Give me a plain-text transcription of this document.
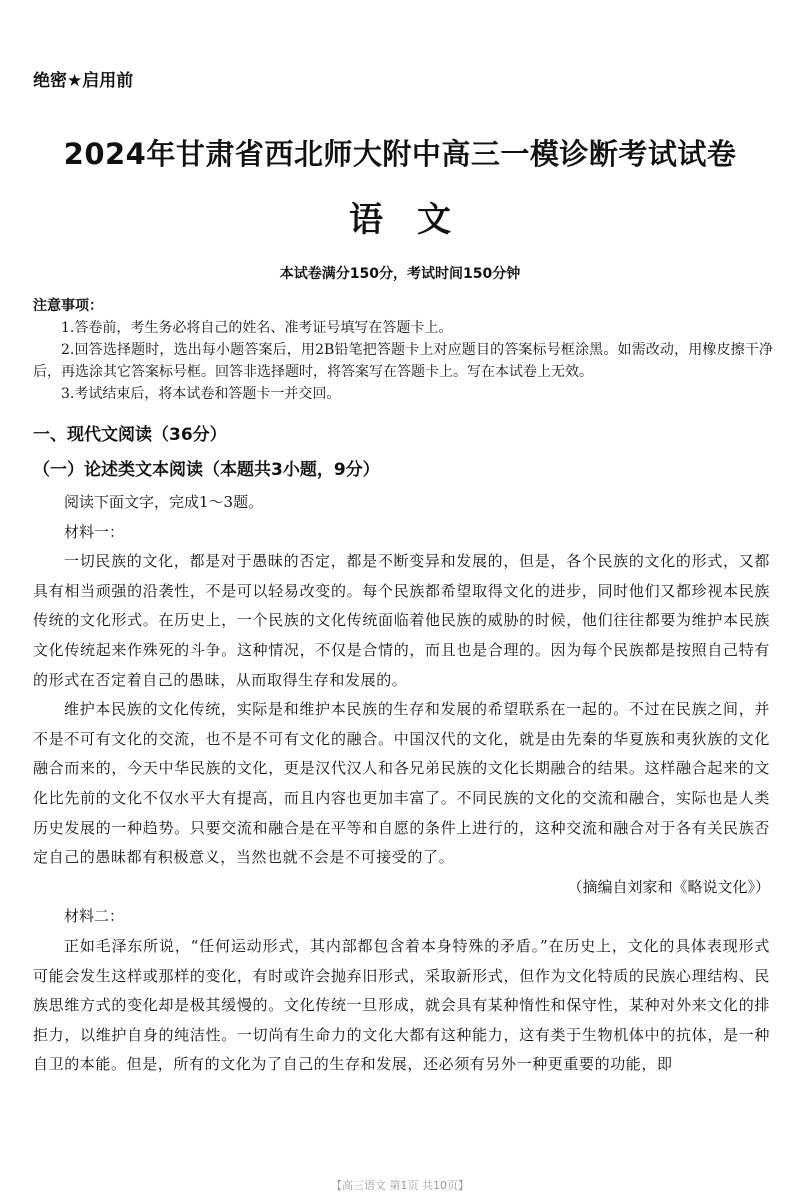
绝密★启用前
2024年甘肃省西北师大附中高三一模诊断考试试卷
语文
本试卷满分150分，考试时间150分钟
注意事项：

1.答卷前，考生务必将自己的姓名、准考证号填写在答题卡上。

2.回答选择题时，选出每小题答案后，用2B铅笔把答题卡上对应题目的答案标号框涂黑。如需改动，用橡皮擦干净后，再选涂其它答案标号框。回答非选择题时，将答案写在答题卡上。写在本试卷上无效。

3.考试结束后，将本试卷和答题卡一并交回。

一、现代文阅读（36分）
（一）论述类文本阅读（本题共3小题，9分）

阅读下面文字，完成1～3题。

材料一：

一切民族的文化，都是对于愚昧的否定，都是不断变异和发展的，但是，各个民族的文化的形式，又都具有相当顽强的沿袭性，不是可以轻易改变的。每个民族都希望取得文化的进步，同时他们又都珍视本民族传统的文化形式。在历史上，一个民族的文化传统面临着他民族的威胁的时候，他们往往都要为维护本民族文化传统起来作殊死的斗争。这种情况，不仅是合情的，而且也是合理的。因为每个民族都是按照自己特有的形式在否定着自己的愚昧，从而取得生存和发展的。

维护本民族的文化传统，实际是和维护本民族的生存和发展的希望联系在一起的。不过在民族之间，并不是不可有文化的交流，也不是不可有文化的融合。中国汉代的文化，就是由先秦的华夏族和夷狄族的文化融合而来的，今天中华民族的文化，更是汉代汉人和各兄弟民族的文化长期融合的结果。这样融合起来的文化比先前的文化不仅水平大有提高，而且内容也更加丰富了。不同民族的文化的交流和融合，实际也是人类历史发展的一种趋势。只要交流和融合是在平等和自愿的条件上进行的，这种交流和融合对于各有关民族否定自己的愚昧都有积极意义，当然也就不会是不可接受的了。

（摘编自刘家和《略说文化》）

材料二：

正如毛泽东所说，“任何运动形式，其内部都包含着本身特殊的矛盾。”在历史上，文化的具体表现形式可能会发生这样或那样的变化，有时或许会抛弃旧形式，采取新形式，但作为文化特质的民族心理结构、民族思维方式的变化却是极其缓慢的。文化传统一旦形成，就会具有某种惰性和保守性，某种对外来文化的排拒力，以维护自身的纯洁性。一切尚有生命力的文化大都有这种能力，这有类于生物机体中的抗体，是一种自卫的本能。但是，所有的文化为了自己的生存和发展，还必须有另外一种更重要的功能，即

【高三语文 第1页 共10页】
